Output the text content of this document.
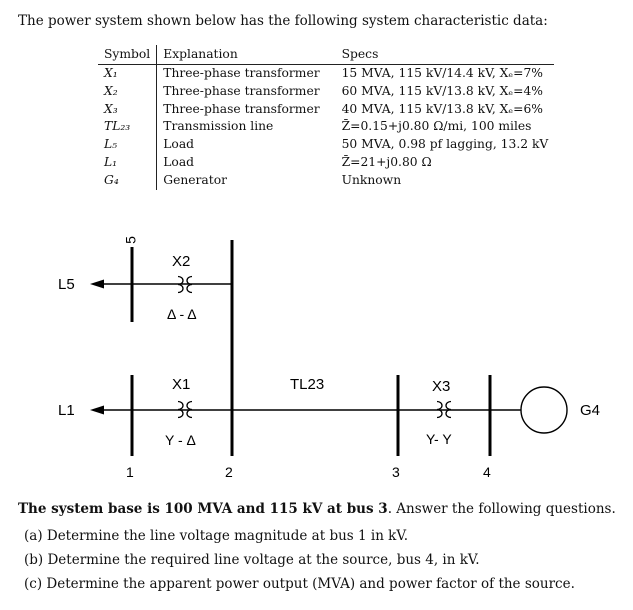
The power system shown below has the following system characteristic data:
Symbol	Explanation	Specs
X₁	Three-phase transformer	15 MVA, 115 kV/14.4 kV, Xₑ=7%
X₂	Three-phase transformer	60 MVA, 115 kV/13.8 kV, Xₑ=4%
X₃	Three-phase transformer	40 MVA, 115 kV/13.8 kV, Xₑ=6%
TL₂₃	Transmission line	Z̄=0.15+j0.80 Ω/mi, 100 miles
L₅	Load	50 MVA, 0.98 pf lagging, 13.2 kV
L₁	Load	Z̄=21+j0.80 Ω
G₄	Generator	Unknown
5
L5
X2
Δ - Δ
2
1
L1
X1
Y - Δ
TL23
3
X3
Y- Y
4
G4
The system base is 100 MVA and 115 kV at bus 3. Answer the following questions.
(a) Determine the line voltage magnitude at bus 1 in kV.
(b) Determine the required line voltage at the source, bus 4, in kV.
(c) Determine the apparent power output (MVA) and power factor of the source.
